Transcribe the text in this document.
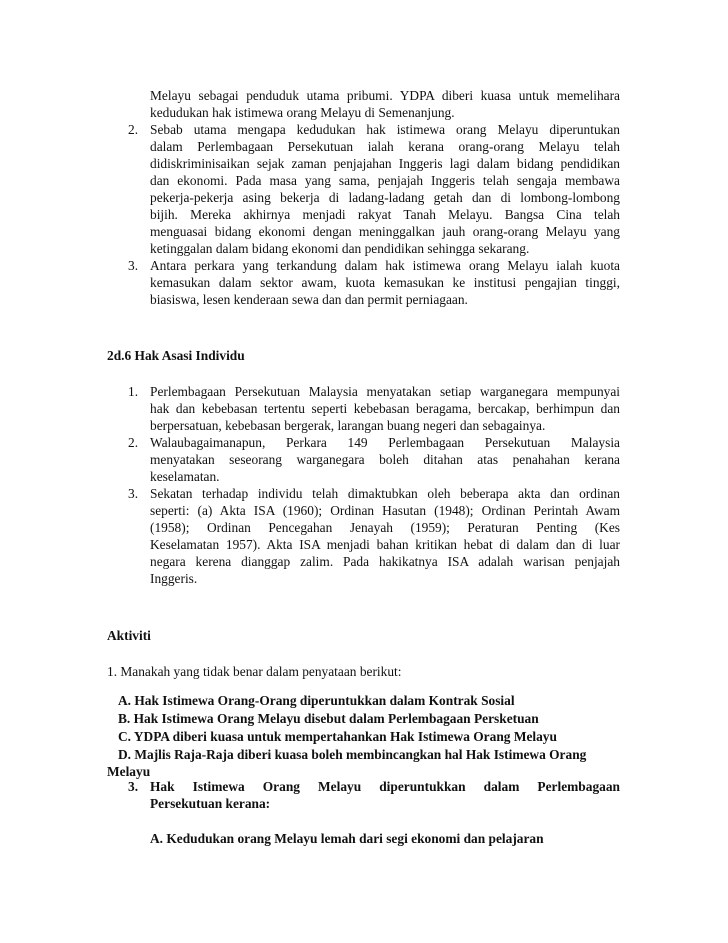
Melayu sebagai penduduk utama pribumi. YDPA diberi kuasa untuk memelihara
kedudukan hak istimewa orang Melayu di Semenanjung.
2. Sebab utama mengapa kedudukan hak istimewa orang Melayu diperuntukan
dalam Perlembagaan Persekutuan ialah kerana orang-orang Melayu telah
didiskriminisaikan sejak zaman penjajahan Inggeris lagi dalam bidang pendidikan
dan ekonomi. Pada masa yang sama, penjajah Inggeris telah sengaja membawa
pekerja-pekerja asing bekerja di ladang-ladang getah dan di lombong-lombong
bijih. Mereka akhirnya menjadi rakyat Tanah Melayu. Bangsa Cina telah
menguasai bidang ekonomi dengan meninggalkan jauh orang-orang Melayu yang
ketinggalan dalam bidang ekonomi dan pendidikan sehingga sekarang.
3. Antara perkara yang terkandung dalam hak istimewa orang Melayu ialah kuota
kemasukan dalam sektor awam, kuota kemasukan ke institusi pengajian tinggi,
biasiswa, lesen kenderaan sewa dan dan permit perniagaan.
2d.6 Hak Asasi Individu
1. Perlembagaan Persekutuan Malaysia menyatakan setiap warganegara mempunyai
hak dan kebebasan tertentu seperti kebebasan beragama, bercakap, berhimpun dan
berpersatuan, kebebasan bergerak, larangan buang negeri dan sebagainya.
2. Walaubagaimanapun, Perkara 149 Perlembagaan Persekutuan Malaysia
menyatakan seseorang warganegara boleh ditahan atas penahahan kerana
keselamatan.
3. Sekatan terhadap individu telah dimaktubkan oleh beberapa akta dan ordinan
seperti: (a) Akta ISA (1960); Ordinan Hasutan (1948); Ordinan Perintah Awam
(1958); Ordinan Pencegahan Jenayah (1959); Peraturan Penting (Kes
Keselamatan 1957). Akta ISA menjadi bahan kritikan hebat di dalam dan di luar
negara kerena dianggap zalim. Pada hakikatnya ISA adalah warisan penjajah
Inggeris.
Aktiviti
1. Manakah yang tidak benar dalam penyataan berikut:
A. Hak Istimewa Orang-Orang diperuntukkan dalam Kontrak Sosial
B. Hak Istimewa Orang Melayu disebut dalam Perlembagaan Persketuan
C. YDPA diberi kuasa untuk mempertahankan Hak Istimewa Orang Melayu
D. Majlis Raja-Raja diberi kuasa boleh membincangkan hal Hak Istimewa Orang
Melayu
3. Hak Istimewa Orang Melayu diperuntukkan dalam Perlembagaan
Persekutuan kerana:
A. Kedudukan orang Melayu lemah dari segi ekonomi dan pelajaran
